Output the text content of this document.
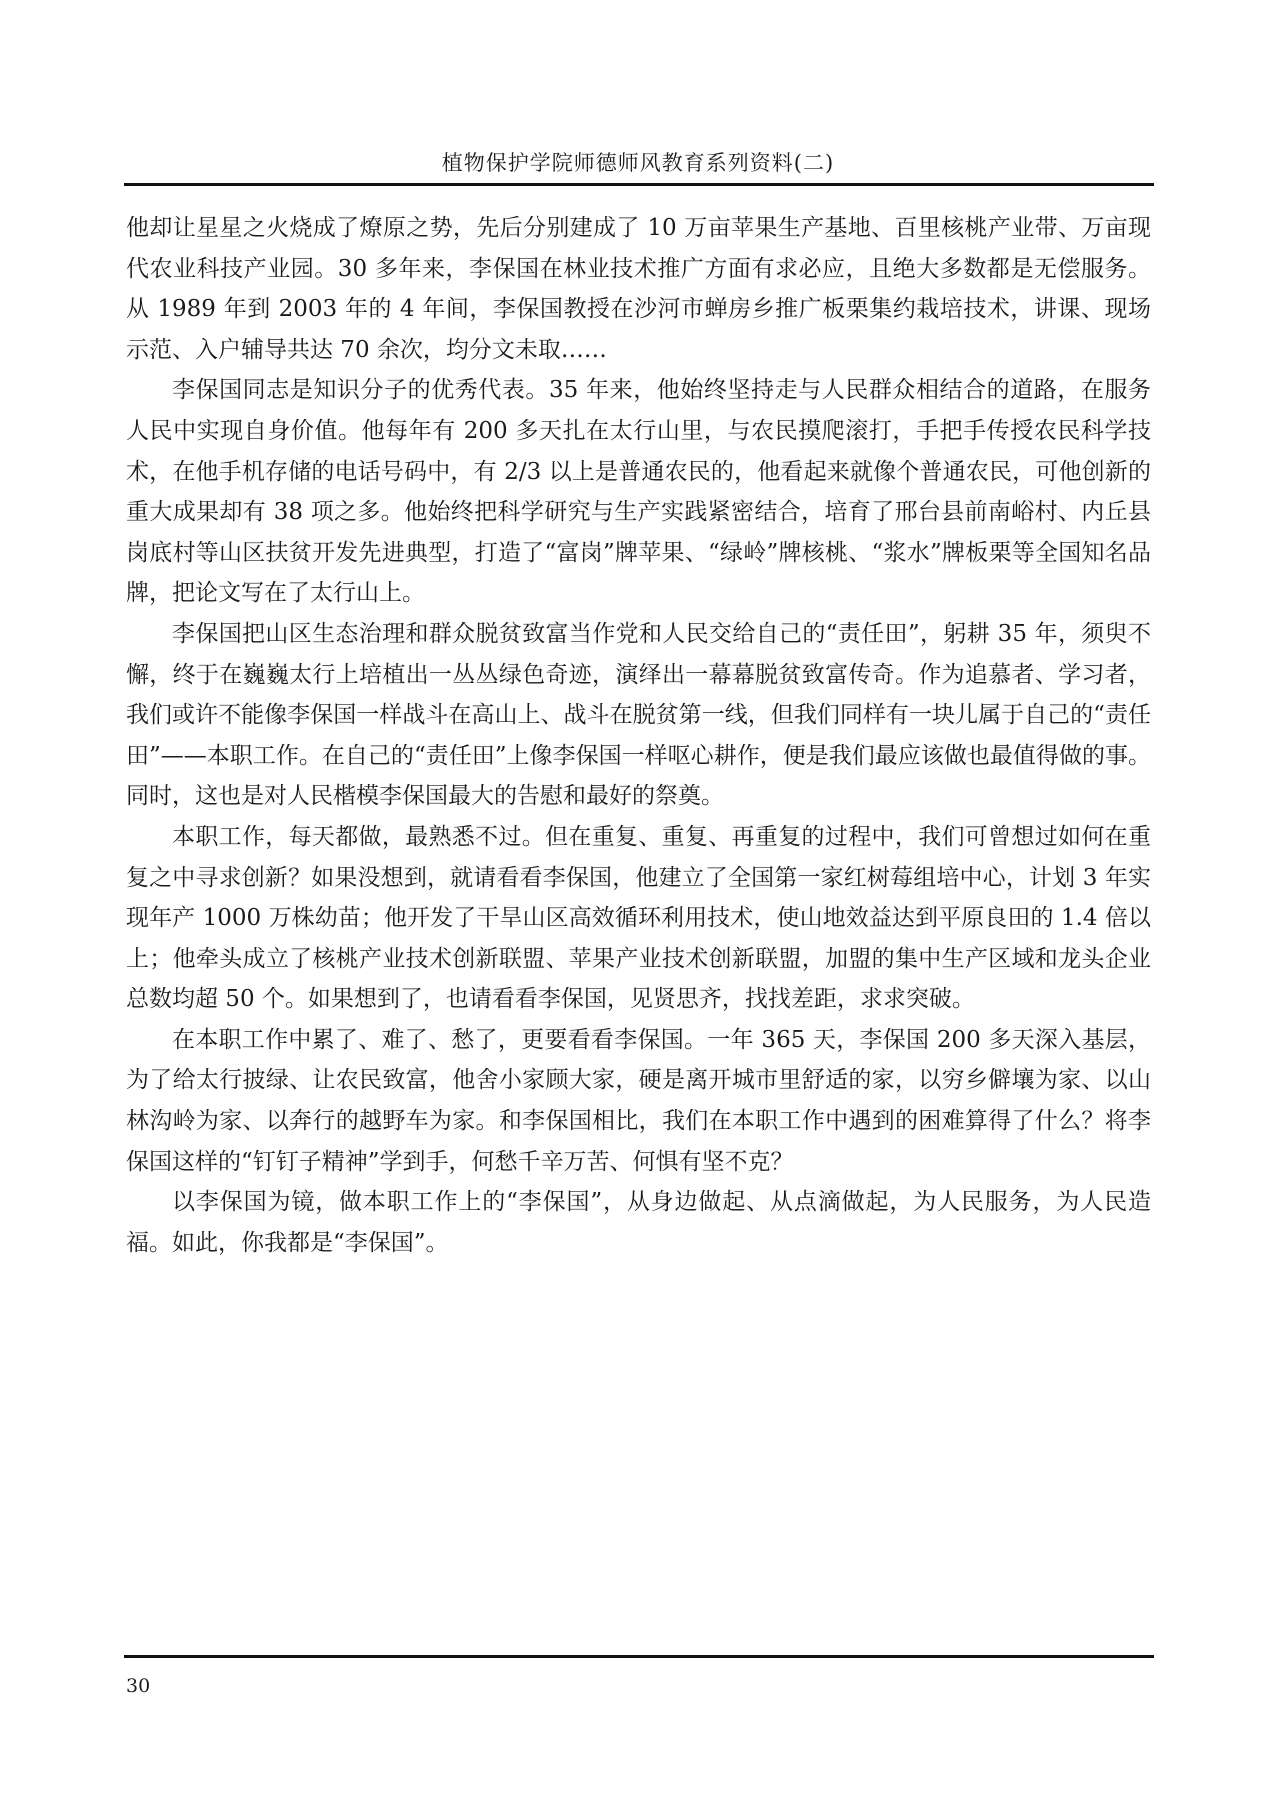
植物保护学院师德师风教育系列资料(二)

他却让星星之火烧成了燎原之势，先后分别建成了 10 万亩苹果生产基地、百里核桃产业带、万亩现代农业科技产业园。30 多年来，李保国在林业技术推广方面有求必应，且绝大多数都是无偿服务。从 1989 年到 2003 年的 4 年间，李保国教授在沙河市蝉房乡推广板栗集约栽培技术，讲课、现场示范、入户辅导共达 70 余次，均分文未取……

李保国同志是知识分子的优秀代表。35 年来，他始终坚持走与人民群众相结合的道路，在服务人民中实现自身价值。他每年有 200 多天扎在太行山里，与农民摸爬滚打，手把手传授农民科学技术，在他手机存储的电话号码中，有 2/3 以上是普通农民的，他看起来就像个普通农民，可他创新的重大成果却有 38 项之多。他始终把科学研究与生产实践紧密结合，培育了邢台县前南峪村、内丘县岗底村等山区扶贫开发先进典型，打造了“富岗”牌苹果、“绿岭”牌核桃、“浆水”牌板栗等全国知名品牌，把论文写在了太行山上。

李保国把山区生态治理和群众脱贫致富当作党和人民交给自己的“责任田”，躬耕 35 年，须臾不懈，终于在巍巍太行上培植出一丛丛绿色奇迹，演绎出一幕幕脱贫致富传奇。作为追慕者、学习者，我们或许不能像李保国一样战斗在高山上、战斗在脱贫第一线，但我们同样有一块儿属于自己的“责任田”——本职工作。在自己的“责任田”上像李保国一样呕心耕作，便是我们最应该做也最值得做的事。同时，这也是对人民楷模李保国最大的告慰和最好的祭奠。

本职工作，每天都做，最熟悉不过。但在重复、重复、再重复的过程中，我们可曾想过如何在重复之中寻求创新？如果没想到，就请看看李保国，他建立了全国第一家红树莓组培中心，计划 3 年实现年产 1000 万株幼苗；他开发了干旱山区高效循环利用技术，使山地效益达到平原良田的 1.4 倍以上；他牵头成立了核桃产业技术创新联盟、苹果产业技术创新联盟，加盟的集中生产区域和龙头企业总数均超 50 个。如果想到了，也请看看李保国，见贤思齐，找找差距，求求突破。

在本职工作中累了、难了、愁了，更要看看李保国。一年 365 天，李保国 200 多天深入基层，为了给太行披绿、让农民致富，他舍小家顾大家，硬是离开城市里舒适的家，以穷乡僻壤为家、以山林沟岭为家、以奔行的越野车为家。和李保国相比，我们在本职工作中遇到的困难算得了什么？将李保国这样的“钉钉子精神”学到手，何愁千辛万苦、何惧有坚不克？

以李保国为镜，做本职工作上的“李保国”，从身边做起、从点滴做起，为人民服务，为人民造福。如此，你我都是“李保国”。

30
